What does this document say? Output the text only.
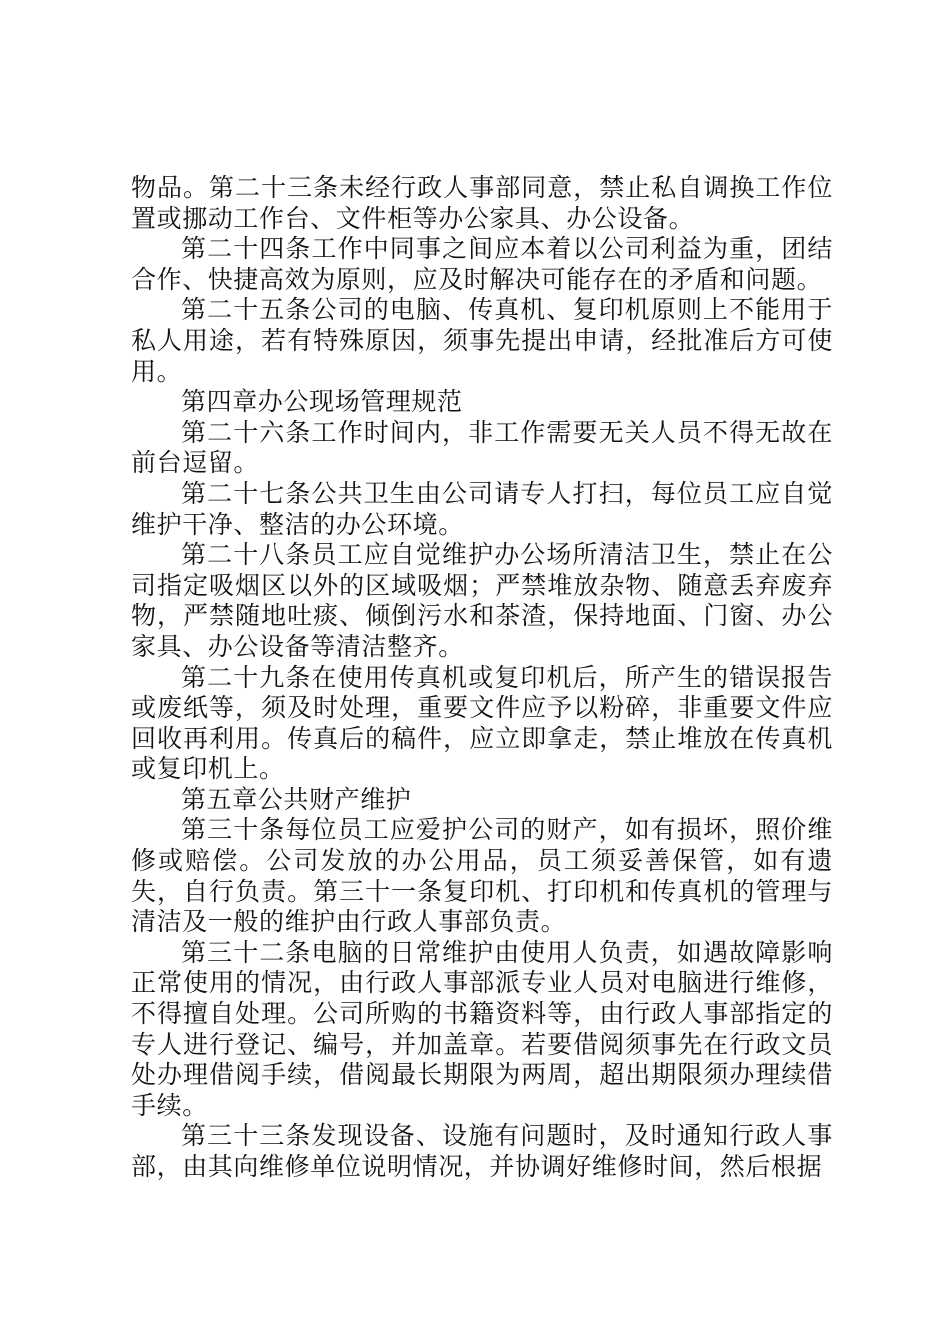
物品。第二十三条未经行政人事部同意，禁止私自调换工作位置或挪动工作台、文件柜等办公家具、办公设备。

第二十四条工作中同事之间应本着以公司利益为重，团结合作、快捷高效为原则，应及时解决可能存在的矛盾和问题。

第二十五条公司的电脑、传真机、复印机原则上不能用于私人用途，若有特殊原因，须事先提出申请，经批准后方可使用。

第四章办公现场管理规范

第二十六条工作时间内，非工作需要无关人员不得无故在前台逗留。

第二十七条公共卫生由公司请专人打扫，每位员工应自觉维护干净、整洁的办公环境。

第二十八条员工应自觉维护办公场所清洁卫生，禁止在公司指定吸烟区以外的区域吸烟；严禁堆放杂物、随意丢弃废弃物，严禁随地吐痰、倾倒污水和茶渣，保持地面、门窗、办公家具、办公设备等清洁整齐。

第二十九条在使用传真机或复印机后，所产生的错误报告或废纸等，须及时处理，重要文件应予以粉碎，非重要文件应回收再利用。传真后的稿件，应立即拿走，禁止堆放在传真机或复印机上。

第五章公共财产维护

第三十条每位员工应爱护公司的财产，如有损坏，照价维修或赔偿。公司发放的办公用品，员工须妥善保管，如有遗失，自行负责。第三十一条复印机、打印机和传真机的管理与清洁及一般的维护由行政人事部负责。

第三十二条电脑的日常维护由使用人负责，如遇故障影响正常使用的情况，由行政人事部派专业人员对电脑进行维修，不得擅自处理。公司所购的书籍资料等，由行政人事部指定的专人进行登记、编号，并加盖章。若要借阅须事先在行政文员处办理借阅手续，借阅最长期限为两周，超出期限须办理续借手续。

第三十三条发现设备、设施有问题时，及时通知行政人事部，由其向维修单位说明情况，并协调好维修时间，然后根据
